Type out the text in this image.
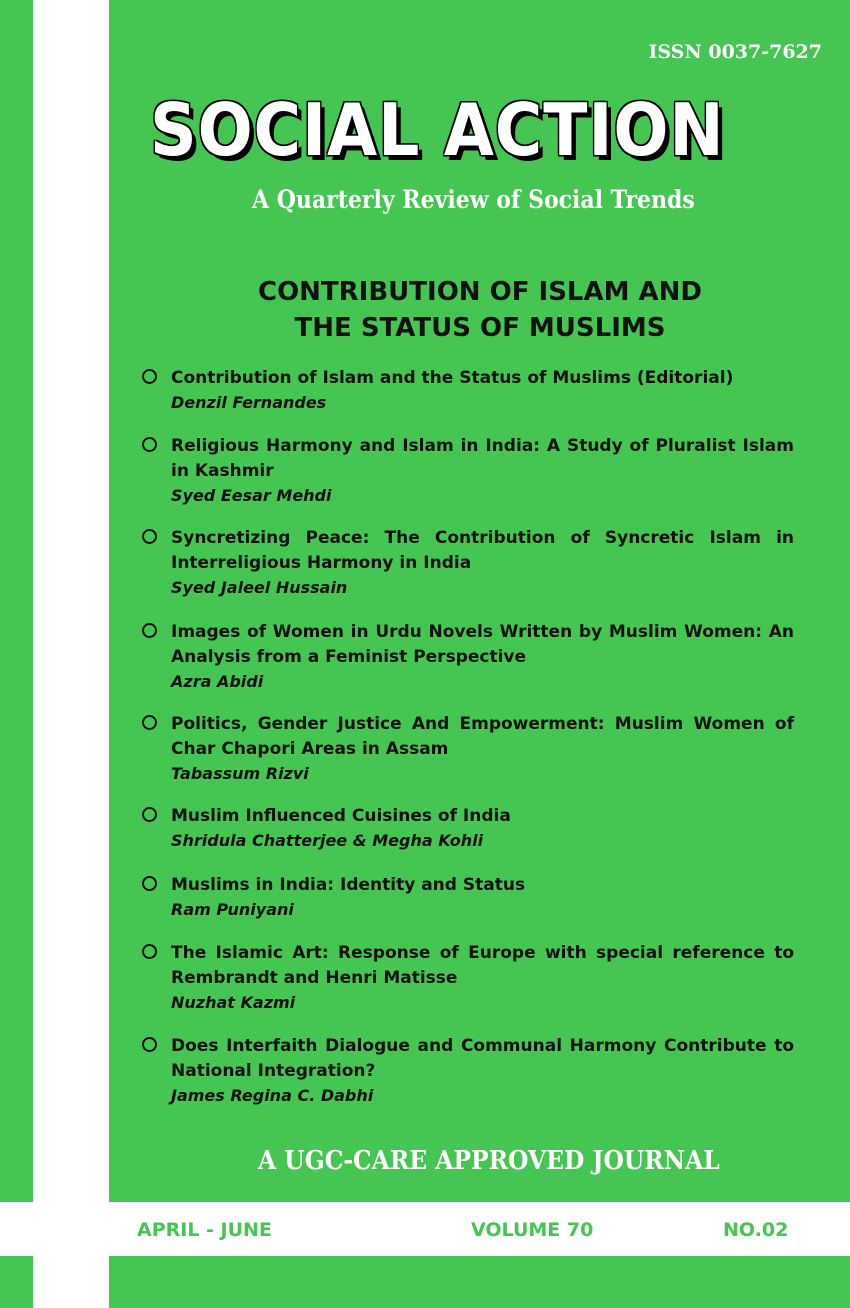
ISSN 0037-7627
SOCIAL ACTION
A Quarterly Review of Social Trends
CONTRIBUTION OF ISLAM AND
THE STATUS OF MUSLIMS
Contribution of Islam and the Status of Muslims (Editorial)
Denzil Fernandes
Religious Harmony and Islam in India: A Study of Pluralist Islam in Kashmir
Syed Eesar Mehdi
Syncretizing Peace: The Contribution of Syncretic Islam in Interreligious Harmony in India
Syed Jaleel Hussain
Images of Women in Urdu Novels Written by Muslim Women: An Analysis from a Feminist Perspective
Azra Abidi
Politics, Gender Justice And Empowerment: Muslim Women of Char Chapori Areas in Assam
Tabassum Rizvi
Muslim Influenced Cuisines of India
Shridula Chatterjee & Megha Kohli
Muslims in India: Identity and Status
Ram Puniyani
The Islamic Art: Response of Europe with special reference to Rembrandt and Henri Matisse
Nuzhat Kazmi
Does Interfaith Dialogue and Communal Harmony Contribute to National Integration?
James Regina C. Dabhi
A UGC-CARE APPROVED JOURNAL
APRIL - JUNE	VOLUME 70	NO.02
